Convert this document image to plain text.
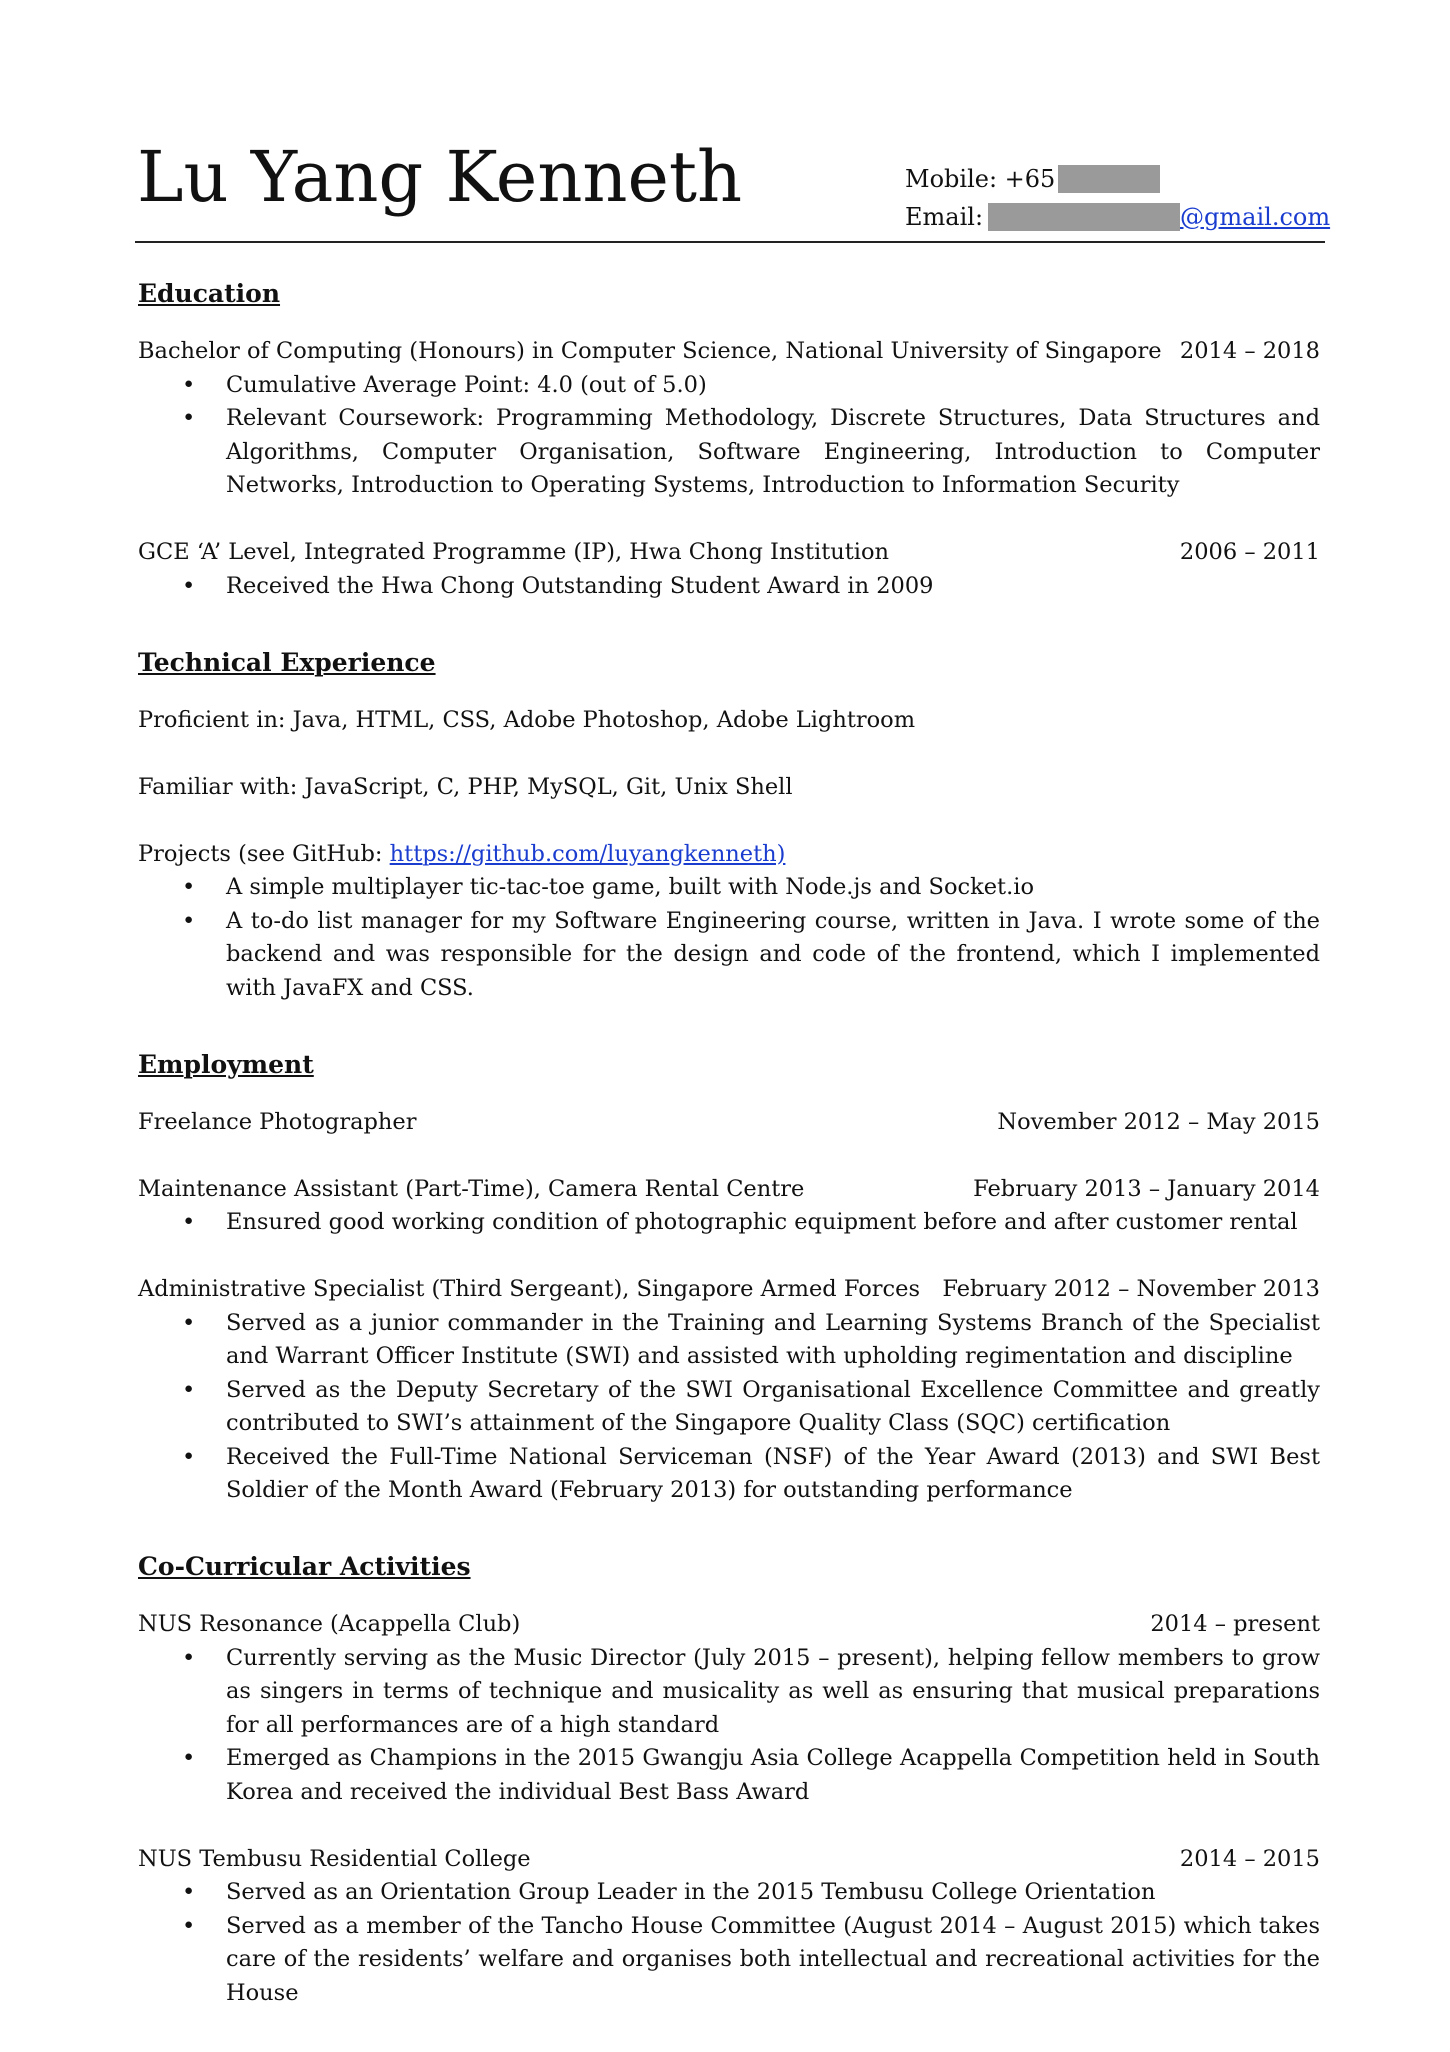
Lu Yang Kenneth	Mobile: +65
Email:	@gmail.com
Education
Bachelor of Computing (Honours) in Computer Science, National University of Singapore 2014 – 2018
• Cumulative Average Point: 4.0 (out of 5.0)
• Relevant Coursework: Programming Methodology, Discrete Structures, Data Structures and Algorithms, Computer Organisation, Software Engineering, Introduction to Computer Networks, Introduction to Operating Systems, Introduction to Information Security
GCE ‘A’ Level, Integrated Programme (IP), Hwa Chong Institution	2006 – 2011
• Received the Hwa Chong Outstanding Student Award in 2009
Technical Experience
Proficient in: Java, HTML, CSS, Adobe Photoshop, Adobe Lightroom
Familiar with: JavaScript, C, PHP, MySQL, Git, Unix Shell
Projects (see GitHub: https://github.com/luyangkenneth)
• A simple multiplayer tic-tac-toe game, built with Node.js and Socket.io
• A to-do list manager for my Software Engineering course, written in Java. I wrote some of the backend and was responsible for the design and code of the frontend, which I implemented with JavaFX and CSS.
Employment
Freelance Photographer	November 2012 – May 2015
Maintenance Assistant (Part-Time), Camera Rental Centre	February 2013 – January 2014
• Ensured good working condition of photographic equipment before and after customer rental
Administrative Specialist (Third Sergeant), Singapore Armed Forces February 2012 – November 2013
• Served as a junior commander in the Training and Learning Systems Branch of the Specialist and Warrant Officer Institute (SWI) and assisted with upholding regimentation and discipline
• Served as the Deputy Secretary of the SWI Organisational Excellence Committee and greatly contributed to SWI’s attainment of the Singapore Quality Class (SQC) certification
• Received the Full-Time National Serviceman (NSF) of the Year Award (2013) and SWI Best Soldier of the Month Award (February 2013) for outstanding performance
Co-Curricular Activities
NUS Resonance (Acappella Club)	2014 – present
• Currently serving as the Music Director (July 2015 – present), helping fellow members to grow as singers in terms of technique and musicality as well as ensuring that musical preparations for all performances are of a high standard
• Emerged as Champions in the 2015 Gwangju Asia College Acappella Competition held in South Korea and received the individual Best Bass Award
NUS Tembusu Residential College	2014 – 2015
• Served as an Orientation Group Leader in the 2015 Tembusu College Orientation
• Served as a member of the Tancho House Committee (August 2014 – August 2015) which takes care of the residents’ welfare and organises both intellectual and recreational activities for the House
